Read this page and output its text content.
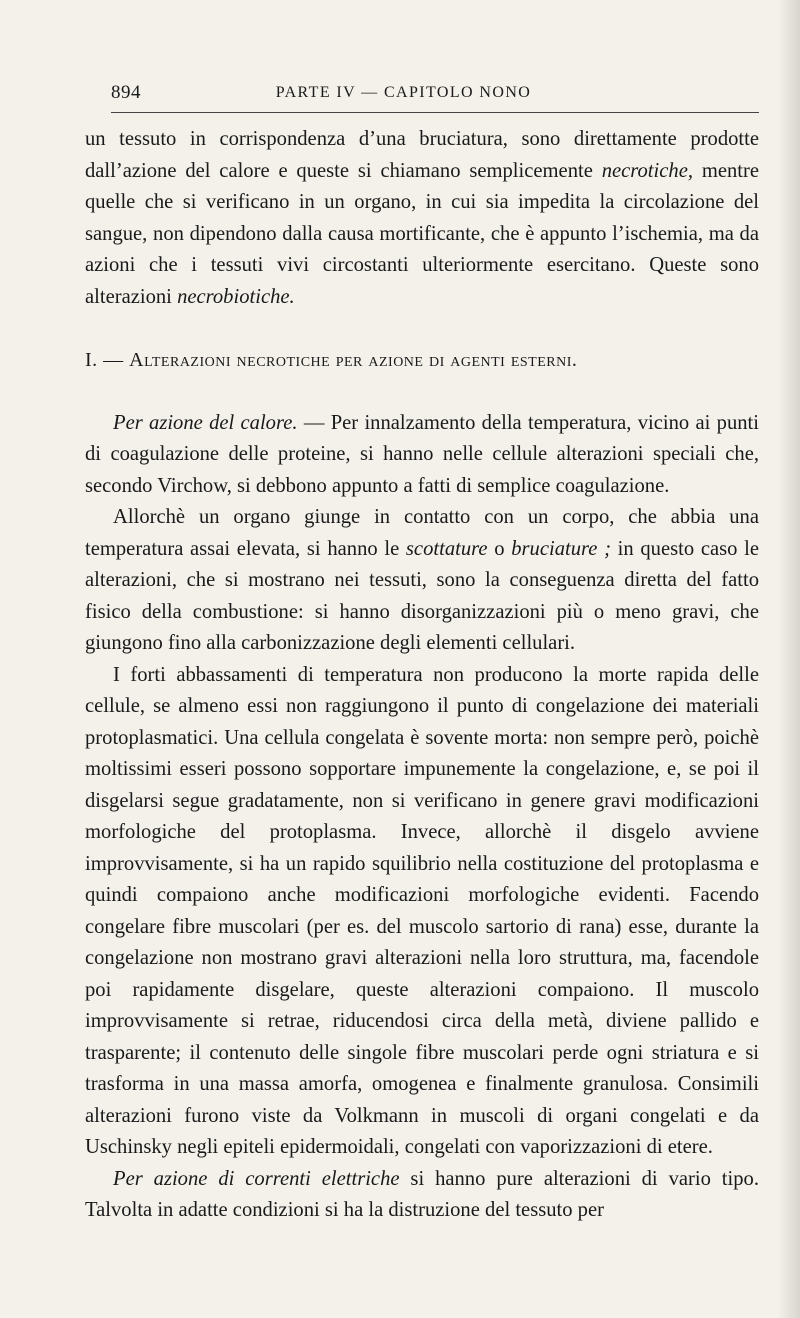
894	PARTE IV — CAPITOLO NONO

un tessuto in corrispondenza d’una bruciatura, sono direttamente prodotte dall’azione del calore e queste si chiamano semplicemente necrotiche, mentre quelle che si verificano in un organo, in cui sia impedita la circolazione del sangue, non dipendono dalla causa mortificante, che è appunto l’ischemia, ma da azioni che i tessuti vivi circostanti ulteriormente esercitano. Queste sono alterazioni necrobiotiche.

I. — Alterazioni necrotiche per azione di agenti esterni.

Per azione del calore. — Per innalzamento della temperatura, vicino ai punti di coagulazione delle proteine, si hanno nelle cellule alterazioni speciali che, secondo Virchow, si debbono appunto a fatti di semplice coagulazione.

Allorchè un organo giunge in contatto con un corpo, che abbia una temperatura assai elevata, si hanno le scottature o bruciature ; in questo caso le alterazioni, che si mostrano nei tessuti, sono la conseguenza diretta del fatto fisico della combustione: si hanno disorganizzazioni più o meno gravi, che giungono fino alla carbonizzazione degli elementi cellulari.

I forti abbassamenti di temperatura non producono la morte rapida delle cellule, se almeno essi non raggiungono il punto di congelazione dei materiali protoplasmatici. Una cellula congelata è sovente morta: non sempre però, poichè moltissimi esseri possono sopportare impunemente la congelazione, e, se poi il disgelarsi segue gradatamente, non si verificano in genere gravi modificazioni morfologiche del protoplasma. Invece, allorchè il disgelo avviene improvvisamente, si ha un rapido squilibrio nella costituzione del protoplasma e quindi compaiono anche modificazioni morfologiche evidenti. Facendo congelare fibre muscolari (per es. del muscolo sartorio di rana) esse, durante la congelazione non mostrano gravi alterazioni nella loro struttura, ma, facendole poi rapidamente disgelare, queste alterazioni compaiono. Il muscolo improvvisamente si retrae, riducendosi circa della metà, diviene pallido e trasparente; il contenuto delle singole fibre muscolari perde ogni striatura e si trasforma in una massa amorfa, omogenea e finalmente granulosa. Consimili alterazioni furono viste da Volkmann in muscoli di organi congelati e da Uschinsky negli epiteli epidermoidali, congelati con vaporizzazioni di etere.

Per azione di correnti elettriche si hanno pure alterazioni di vario tipo. Talvolta in adatte condizioni si ha la distruzione del tessuto per
